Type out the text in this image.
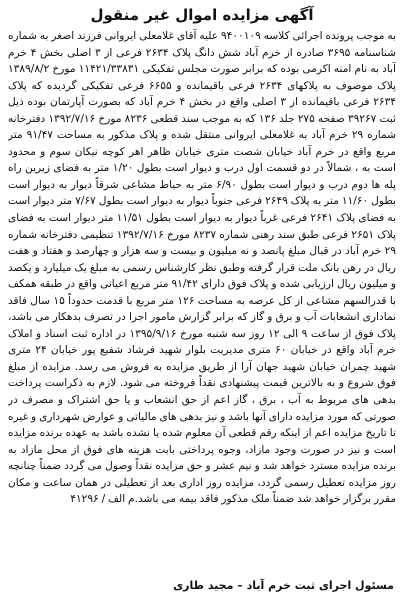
آگهی مزایده اموال غیر منقول

به موجب پرونده اجرائی کلاسه ۹۴۰۰۱۰۹ علیه آقای غلامعلی ایروانی فرزند اصغر به شماره شناسنامه ۳۶۹۵ صادره از خرم آباد شش دانگ پلاک ۲۶۳۴ فرعی از ۳ اصلی بخش ۴ خرم آباد به نام امنه اکرمی بوده که برابر صورت مجلس تفکیکی ۱۱۴۲۱/۳۳۸۳۱ مورخ ۱۳۸۹/۸/۲ پلاک موصوف به پلاکهای ۲۶۳۴ فرعی باقیمانده و ۶۶۵۵ فرعی تفکیکی گردیده که پلاک ۲۶۳۴ فرعی باقیمانده از ۳ اصلی واقع در بخش ۴ خرم آباد که بصورت آپارتمان بوده ذیل ثبت ۳۹۲۶۷ صفحه ۲۷۵ جلد ۱۳۶ که به موجب سند قطعی ۸۲۳۶ مورخ ۱۳۹۲/۷/۱۶ دفترخانه شماره ۲۹ خرم آباد به غلامعلی ایروانی منتقل شده و پلاک مذکور به مساحت ۹۱/۴۷ متر مربع واقع در خرم آباد خیابان شصت متری خیابان ظاهر اهر کوچه نیکان سوم و محدود است به ، شمالاً در دو قسمت اول درب و دیوار است بطول ۱/۲۰ متر به فضای زیرین راه پله ها دوم درب و دیوار است بطول ۶/۹۰ متر به حیاط مشاعی شرقاً دیوار به دیوار است بطول ۱۱/۶۰ متر به پلاک ۲۶۴۹ فرعی جنوباً دیوار به دیوار است بطول ۷/۶۷ متر دیوار است به فضای پلاک ۲۶۴۱ فرعی غرباً دیوار به دیوار است بطول ۱۱/۵۱ متر دیوار است به فضای پلاک ۲۶۵۱ فرعی طبق سند رهنی شماره ۸۲۳۷ مورخ ۱۳۹۲/۷/۱۶ تنظیمی دفترخانه شماره ۲۹ خرم آباد در قبال مبلغ پانصد و نه میلیون و بیست و سه هزار و چهارصد و هفتاد و هفت ریال در رهن بانک ملت قرار گرفته وطبق نظر کارشناس رسمی به مبلغ یک میلیارد و یکصد و میلیون ریال ارزیابی شده و پلاک فوق دارای ۹۱/۴۲ متر مربع اعیانی واقع در طبقه همکف با قدرالسهم مشاعی از کل عرصه به مساحت ۱۲۶ متر مربع با قدمت حدوداً ۱۵ سال فاقد نماداری انشعابات آب و برق و گاز که برابر گزارش مامور اجرا در تصرف بدهکار می باشد، پلاک فوق از ساعت ۹ الی ۱۲ روز سه شنبه مورخ ۱۳۹۵/۹/۱۶ در اداره ثبت اسناد و املاک خرم آباد واقع در خیابان ۶۰ متری مدیریت بلوار شهید فرشاد شفیع پور خیابان ۲۴ متری شهید چمران خیابان شهید جهان آرا از طریق مزایده به فروش می رسد. مزایده از مبلغ فوق شروع و به بالاترین قیمت پیشنهادی نقداً فروخته می شود. لازم به ذکراست پرداخت بدهی های مربوط به آب ، برق ، گاز اعم از حق انشعاب و یا حق اشتراک و مصرف در صورتی که مورد مزایده دارای آنها باشد و نیز بدهی های مالیاتی و عوارض شهرداری و غیره تا تاریخ مزایده اعم از اینکه رقم قطعی آن معلوم شده یا نشده باشد به عهده برنده مزایده است و نیز در صورت وجود مازاد، وجوه پرداختی بابت هزینه های فوق از محل مازاد به برنده مزایده مسترد خواهد شد و نیم عشر و حق مزایده نقداً وصول می گردد ضمناً چنانچه روز مزایده تعطیل رسمی گردد، مزایده روز اداری بعد از تعطیلی در همان ساعت و مکان مقرر برگزار خواهد شد ضمناً ملک مذکور فاقد بیمه می باشد.م الف / ۴۱۲۹۶

مسئول اجرای ثبت خرم آباد – مجید طاری
